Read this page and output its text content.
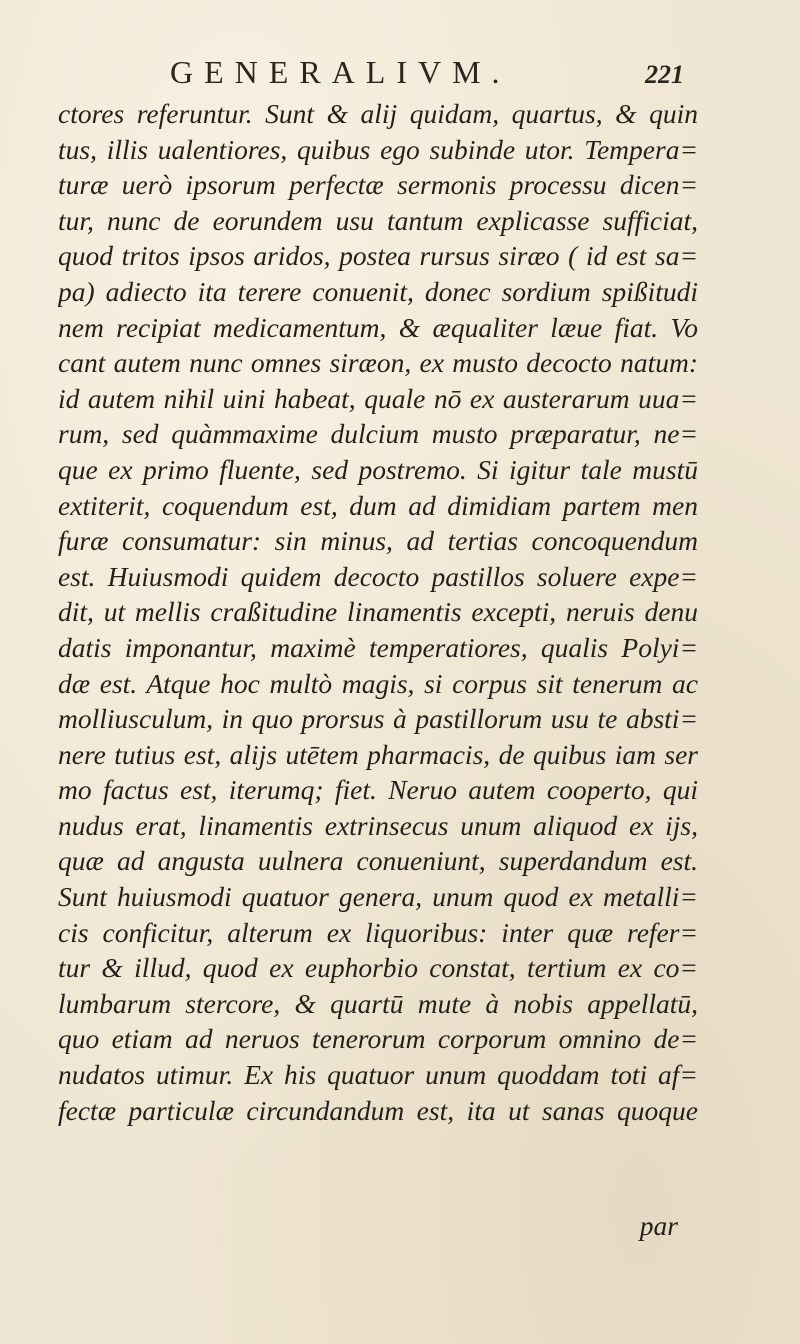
GENERALIVM.	221
ctores referuntur. Sunt & alij quidam, quartus, & quin
tus, illis ualentiores, quibus ego subinde utor. Tempera=
turæ uerò ipsorum perfectæ sermonis processu dicen=
tur, nunc de eorundem usu tantum explicasse sufficiat,
quod tritos ipsos aridos, postea rursus siræo ( id est sa=
pa) adiecto ita terere conuenit, donec sordium spißitudi
nem recipiat medicamentum, & æqualiter læue fiat. Vo
cant autem nunc omnes siræon, ex musto decocto natum:
id autem nihil uini habeat, quale nō ex austerarum uua=
rum, sed quàmmaxime dulcium musto præparatur, ne=
que ex primo fluente, sed postremo. Si igitur tale mustū
extiterit, coquendum est, dum ad dimidiam partem men
furæ consumatur: sin minus, ad tertias concoquendum
est. Huiusmodi quidem decocto pastillos soluere expe=
dit, ut mellis craßitudine linamentis excepti, neruis denu
datis imponantur, maximè temperatiores, qualis Polyi=
dæ est. Atque hoc multò magis, si corpus sit tenerum ac
molliusculum, in quo prorsus à pastillorum usu te absti=
nere tutius est, alijs utētem pharmacis, de quibus iam ser
mo factus est, iterumq; fiet. Neruo autem cooperto, qui
nudus erat, linamentis extrinsecus unum aliquod ex ijs,
quæ ad angusta uulnera conueniunt, superdandum est.
Sunt huiusmodi quatuor genera, unum quod ex metalli=
cis conficitur, alterum ex liquoribus: inter quæ refer=
tur & illud, quod ex euphorbio constat, tertium ex co=
lumbarum stercore, & quartū mute à nobis appellatū,
quo etiam ad neruos tenerorum corporum omnino de=
nudatos utimur. Ex his quatuor unum quoddam toti af=
fectæ particulæ circundandum est, ita ut sanas quoque
par
